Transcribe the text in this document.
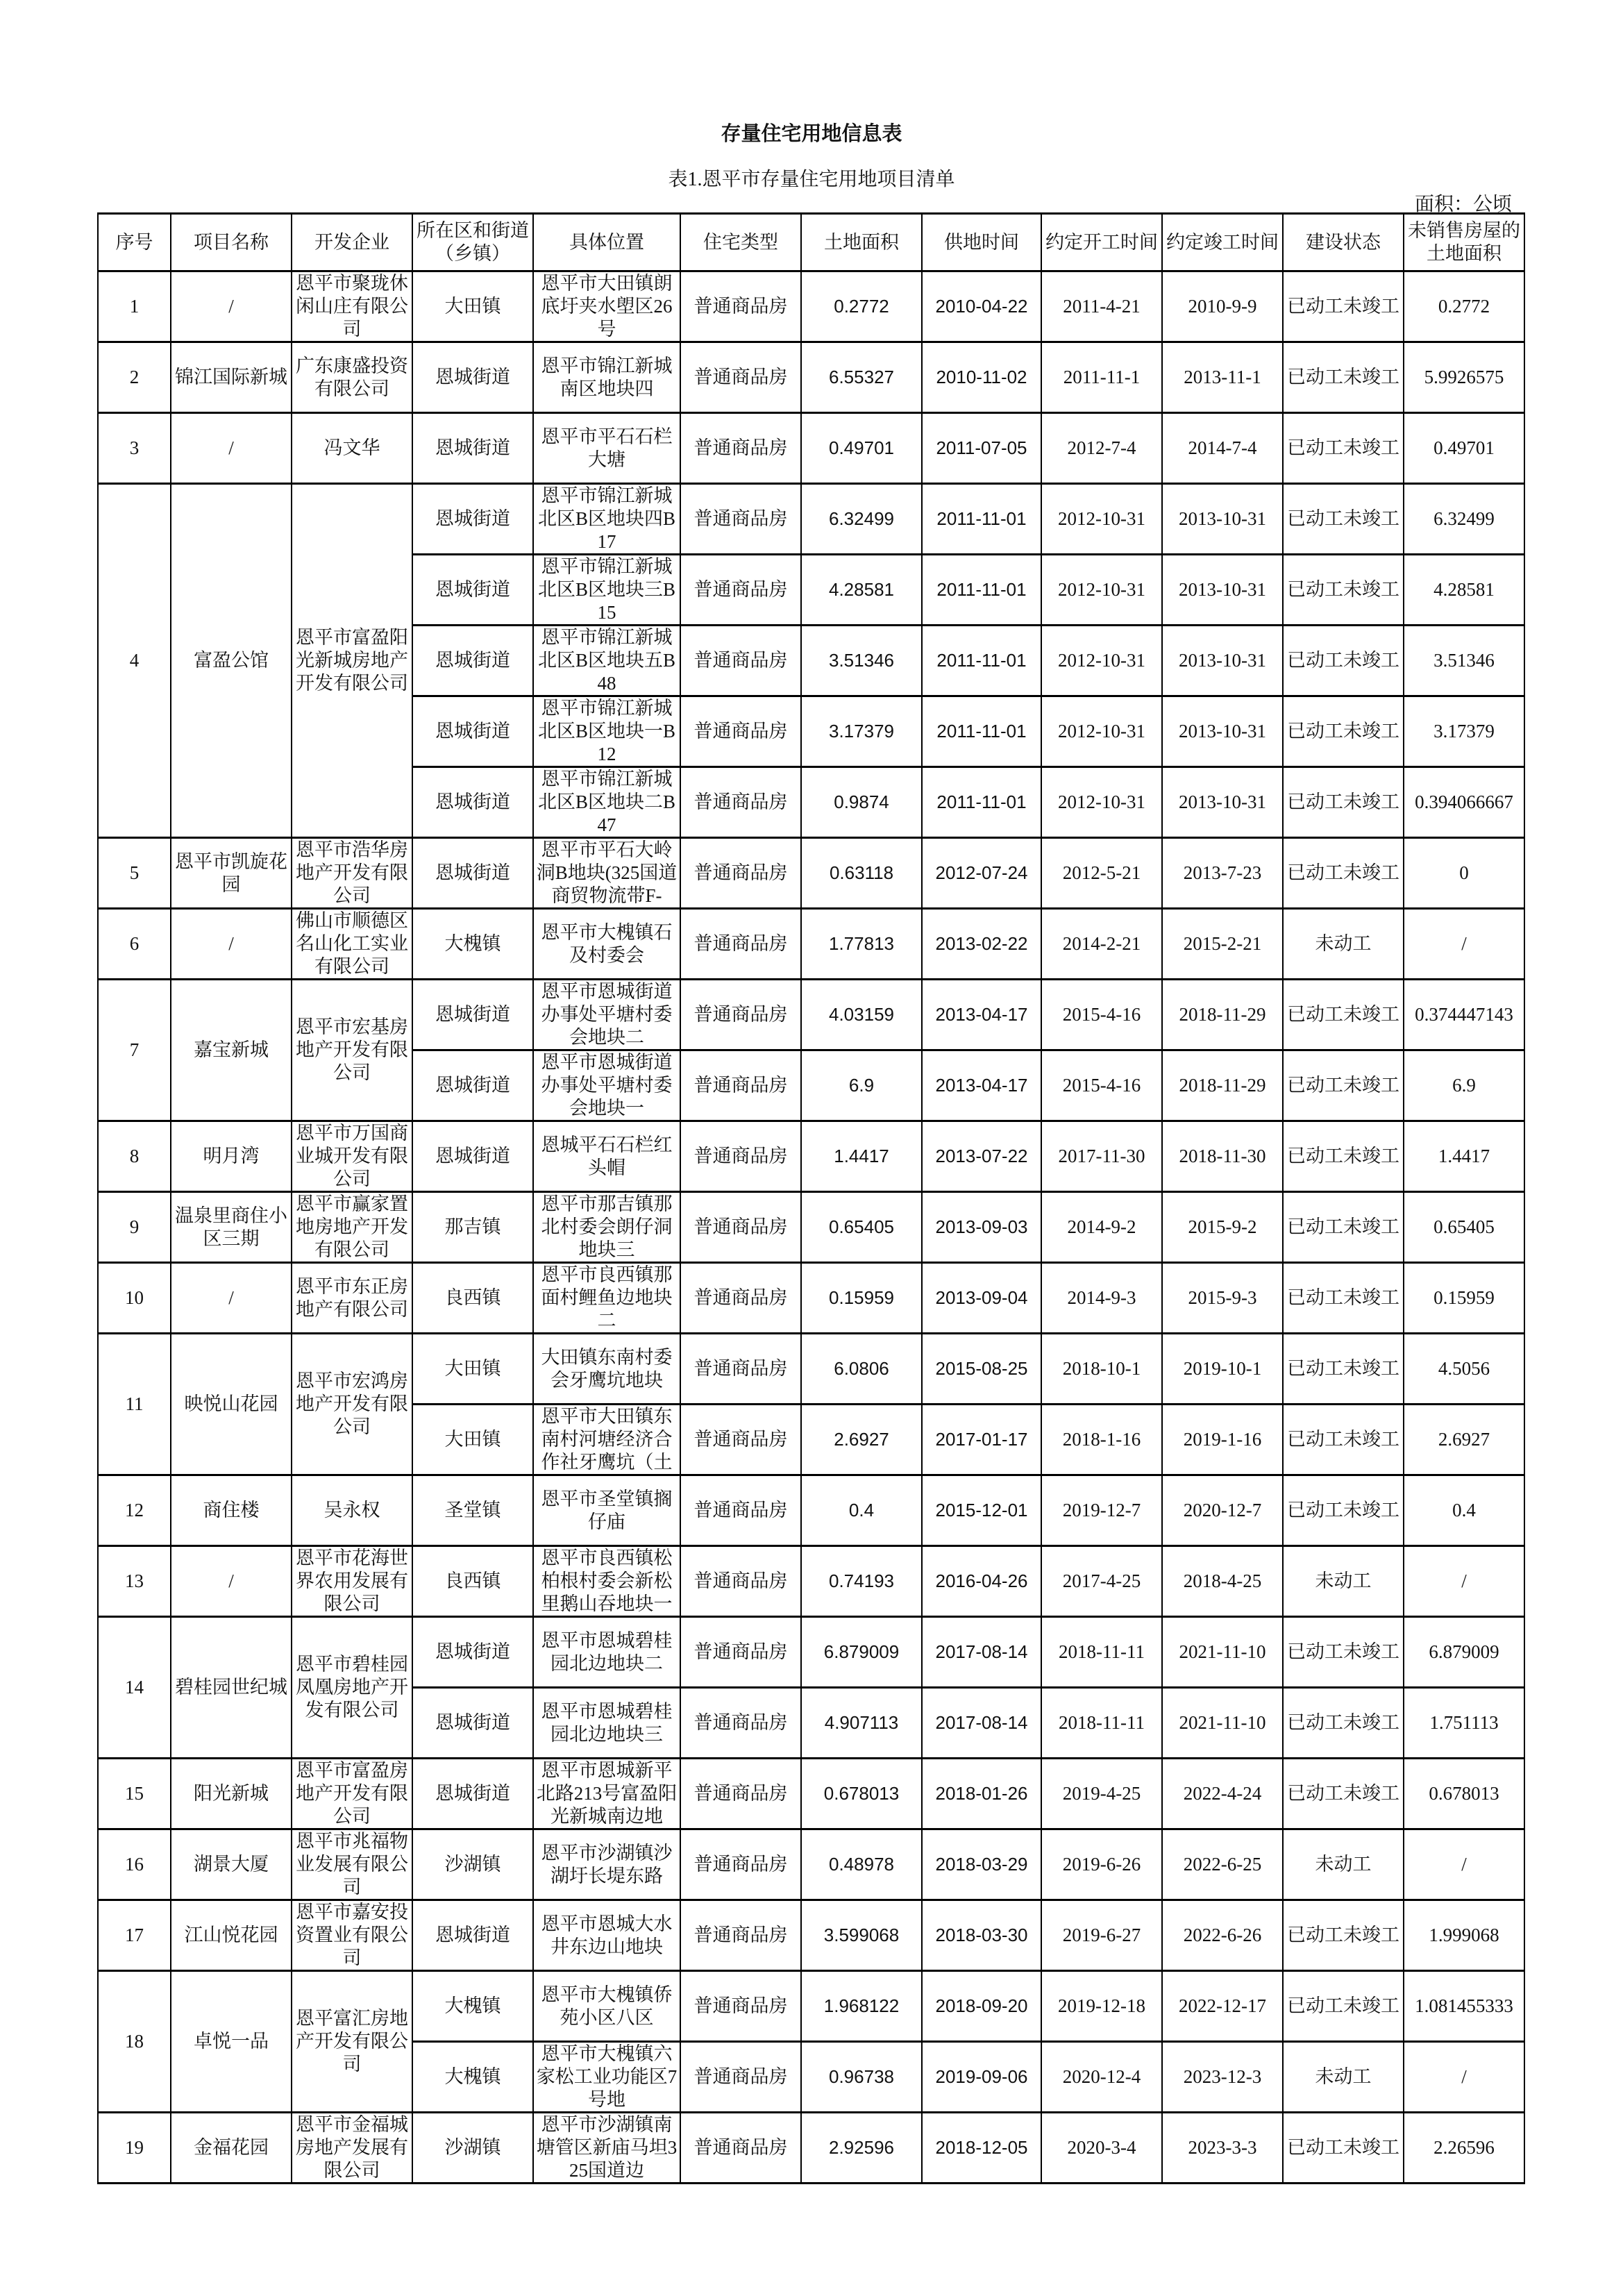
存量住宅用地信息表
表1.恩平市存量住宅用地项目清单
面积：公顷
序号	项目名称	开发企业	所在区和街道（乡镇）	具体位置	住宅类型	土地面积	供地时间	约定开工时间	约定竣工时间	建设状态	未销售房屋的土地面积

1	/	恩平市聚珑休闲山庄有限公司	大田镇	恩平市大田镇朗底圩夹水塱区26号	普通商品房	0.2772	2010-04-22	2011-4-21	2010-9-9	已动工未竣工	0.2772

2	锦江国际新城	广东康盛投资有限公司	恩城街道	恩平市锦江新城南区地块四	普通商品房	6.55327	2010-11-02	2011-11-1	2013-11-1	已动工未竣工	5.9926575

3	/	冯文华	恩城街道	恩平市平石石栏大塘	普通商品房	0.49701	2011-07-05	2012-7-4	2014-7-4	已动工未竣工	0.49701

4	富盈公馆	恩平市富盈阳光新城房地产开发有限公司	恩城街道	恩平市锦江新城北区B区地块四B17	普通商品房	6.32499	2011-11-01	2012-10-31	2013-10-31	已动工未竣工	6.32499

恩城街道	恩平市锦江新城北区B区地块三B15	普通商品房	4.28581	2011-11-01	2012-10-31	2013-10-31	已动工未竣工	4.28581

恩城街道	恩平市锦江新城北区B区地块五B48	普通商品房	3.51346	2011-11-01	2012-10-31	2013-10-31	已动工未竣工	3.51346

恩城街道	恩平市锦江新城北区B区地块一B12	普通商品房	3.17379	2011-11-01	2012-10-31	2013-10-31	已动工未竣工	3.17379

恩城街道	恩平市锦江新城北区B区地块二B47	普通商品房	0.9874	2011-11-01	2012-10-31	2013-10-31	已动工未竣工	0.394066667

5	恩平市凯旋花园	恩平市浩华房地产开发有限公司	恩城街道	恩平市平石大岭洞B地块(325国道商贸物流带F-	普通商品房	0.63118	2012-07-24	2012-5-21	2013-7-23	已动工未竣工	0

6	/	佛山市顺德区名山化工实业有限公司	大槐镇	恩平市大槐镇石及村委会	普通商品房	1.77813	2013-02-22	2014-2-21	2015-2-21	未动工	/

7	嘉宝新城	恩平市宏基房地产开发有限公司	恩城街道	恩平市恩城街道办事处平塘村委会地块二	普通商品房	4.03159	2013-04-17	2015-4-16	2018-11-29	已动工未竣工	0.374447143

恩城街道	恩平市恩城街道办事处平塘村委会地块一	普通商品房	6.9	2013-04-17	2015-4-16	2018-11-29	已动工未竣工	6.9

8	明月湾	恩平市万国商业城开发有限公司	恩城街道	恩城平石石栏红头帽	普通商品房	1.4417	2013-07-22	2017-11-30	2018-11-30	已动工未竣工	1.4417

9	温泉里商住小区三期	恩平市赢家置地房地产开发有限公司	那吉镇	恩平市那吉镇那北村委会朗仔洞地块三	普通商品房	0.65405	2013-09-03	2014-9-2	2015-9-2	已动工未竣工	0.65405

10	/	恩平市东正房地产有限公司	良西镇	恩平市良西镇那面村鲤鱼边地块二	普通商品房	0.15959	2013-09-04	2014-9-3	2015-9-3	已动工未竣工	0.15959

11	映悦山花园	恩平市宏鸿房地产开发有限公司	大田镇	大田镇东南村委会牙鹰坑地块	普通商品房	6.0806	2015-08-25	2018-10-1	2019-10-1	已动工未竣工	4.5056

大田镇	恩平市大田镇东南村河塘经济合作社牙鹰坑（土	普通商品房	2.6927	2017-01-17	2018-1-16	2019-1-16	已动工未竣工	2.6927

12	商住楼	吴永权	圣堂镇	恩平市圣堂镇搁仔庙	普通商品房	0.4	2015-12-01	2019-12-7	2020-12-7	已动工未竣工	0.4

13	/	恩平市花海世界农用发展有限公司	良西镇	恩平市良西镇松柏根村委会新松里鹅山吞地块一	普通商品房	0.74193	2016-04-26	2017-4-25	2018-4-25	未动工	/

14	碧桂园世纪城	恩平市碧桂园凤凰房地产开发有限公司	恩城街道	恩平市恩城碧桂园北边地块二	普通商品房	6.879009	2017-08-14	2018-11-11	2021-11-10	已动工未竣工	6.879009

恩城街道	恩平市恩城碧桂园北边地块三	普通商品房	4.907113	2017-08-14	2018-11-11	2021-11-10	已动工未竣工	1.751113

15	阳光新城	恩平市富盈房地产开发有限公司	恩城街道	恩平市恩城新平北路213号富盈阳光新城南边地	普通商品房	0.678013	2018-01-26	2019-4-25	2022-4-24	已动工未竣工	0.678013

16	湖景大厦	恩平市兆福物业发展有限公司	沙湖镇	恩平市沙湖镇沙湖圩长堤东路	普通商品房	0.48978	2018-03-29	2019-6-26	2022-6-25	未动工	/

17	江山悦花园	恩平市嘉安投资置业有限公司	恩城街道	恩平市恩城大水井东边山地块	普通商品房	3.599068	2018-03-30	2019-6-27	2022-6-26	已动工未竣工	1.999068

18	卓悦一品	恩平富汇房地产开发有限公司	大槐镇	恩平市大槐镇侨苑小区八区	普通商品房	1.968122	2018-09-20	2019-12-18	2022-12-17	已动工未竣工	1.081455333

大槐镇	恩平市大槐镇六家松工业功能区7号地	普通商品房	0.96738	2019-09-06	2020-12-4	2023-12-3	未动工	/

19	金福花园	恩平市金福城房地产发展有限公司	沙湖镇	恩平市沙湖镇南塘管区新庙马坦325国道边	普通商品房	2.92596	2018-12-05	2020-3-4	2023-3-3	已动工未竣工	2.26596
